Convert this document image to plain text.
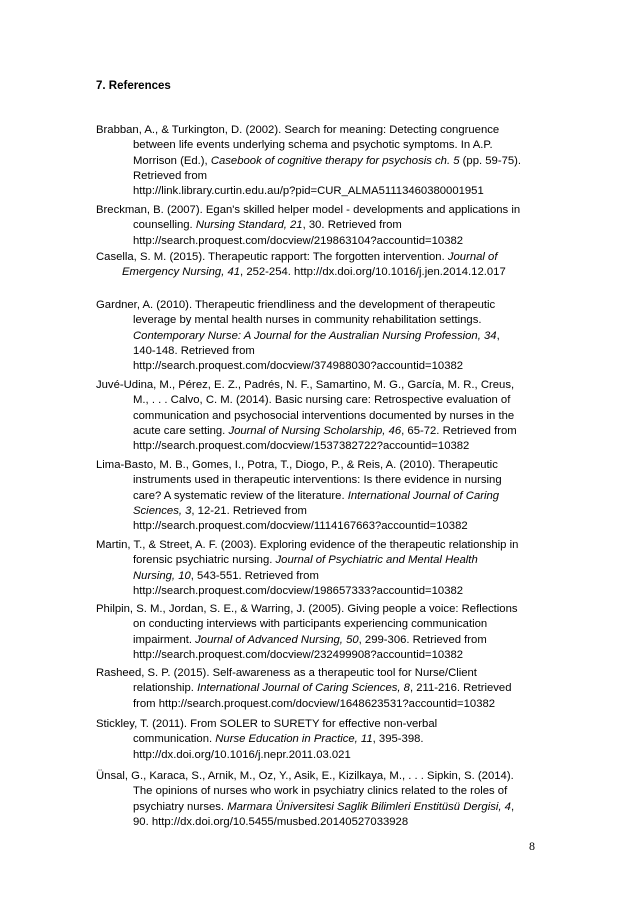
7. References
Brabban, A., & Turkington, D. (2002). Search for meaning: Detecting congruence
between life events underlying schema and psychotic symptoms. In A.P.
Morrison (Ed.), Casebook of cognitive therapy for psychosis ch. 5 (pp. 59-75).
Retrieved from
http://link.library.curtin.edu.au/p?pid=CUR_ALMA51113460380001951
Breckman, B. (2007). Egan's skilled helper model - developments and applications in
counselling. Nursing Standard, 21, 30. Retrieved from
http://search.proquest.com/docview/219863104?accountid=10382
Casella, S. M. (2015). Therapeutic rapport: The forgotten intervention. Journal of
Emergency Nursing, 41, 252-254. http://dx.doi.org/10.1016/j.jen.2014.12.017
Gardner, A. (2010). Therapeutic friendliness and the development of therapeutic
leverage by mental health nurses in community rehabilitation settings.
Contemporary Nurse: A Journal for the Australian Nursing Profession, 34,
140-148. Retrieved from
http://search.proquest.com/docview/374988030?accountid=10382
Juvé-Udina, M., Pérez, E. Z., Padrés, N. F., Samartino, M. G., García, M. R., Creus,
M., . . . Calvo, C. M. (2014). Basic nursing care: Retrospective evaluation of
communication and psychosocial interventions documented by nurses in the
acute care setting. Journal of Nursing Scholarship, 46, 65-72. Retrieved from
http://search.proquest.com/docview/1537382722?accountid=10382
Lima-Basto, M. B., Gomes, I., Potra, T., Diogo, P., & Reis, A. (2010). Therapeutic
instruments used in therapeutic interventions: Is there evidence in nursing
care? A systematic review of the literature. International Journal of Caring
Sciences, 3, 12-21. Retrieved from
http://search.proquest.com/docview/1114167663?accountid=10382
Martin, T., & Street, A. F. (2003). Exploring evidence of the therapeutic relationship in
forensic psychiatric nursing. Journal of Psychiatric and Mental Health
Nursing, 10, 543-551. Retrieved from
http://search.proquest.com/docview/198657333?accountid=10382
Philpin, S. M., Jordan, S. E., & Warring, J. (2005). Giving people a voice: Reflections
on conducting interviews with participants experiencing communication
impairment. Journal of Advanced Nursing, 50, 299-306. Retrieved from
http://search.proquest.com/docview/232499908?accountid=10382
Rasheed, S. P. (2015). Self-awareness as a therapeutic tool for Nurse/Client
relationship. International Journal of Caring Sciences, 8, 211-216. Retrieved
from http://search.proquest.com/docview/1648623531?accountid=10382
Stickley, T. (2011). From SOLER to SURETY for effective non-verbal
communication. Nurse Education in Practice, 11, 395-398.
http://dx.doi.org/10.1016/j.nepr.2011.03.021
Ünsal, G., Karaca, S., Arnik, M., Oz, Y., Asik, E., Kizilkaya, M., . . . Sipkin, S. (2014).
The opinions of nurses who work in psychiatry clinics related to the roles of
psychiatry nurses. Marmara Üniversitesi Saglik Bilimleri Enstitüsü Dergisi, 4,
90. http://dx.doi.org/10.5455/musbed.20140527033928
8
